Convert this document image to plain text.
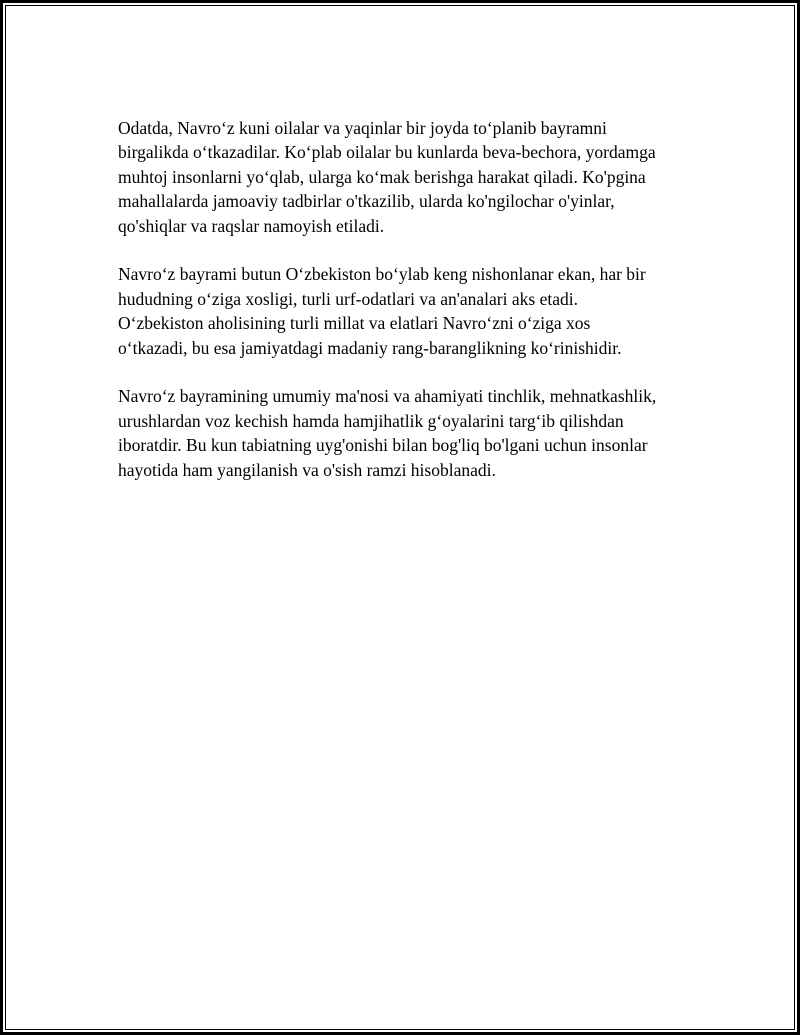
Odatda, Navro‘z kuni oilalar va yaqinlar bir joyda to‘planib bayramni
birgalikda o‘tkazadilar. Ko‘plab oilalar bu kunlarda beva-bechora, yordamga
muhtoj insonlarni yo‘qlab, ularga ko‘mak berishga harakat qiladi. Ko'pgina
mahallalarda jamoaviy tadbirlar o'tkazilib, ularda ko'ngilochar o'yinlar,
qo'shiqlar va raqslar namoyish etiladi.

Navro‘z bayrami butun O‘zbekiston bo‘ylab keng nishonlanar ekan, har bir
hududning o‘ziga xosligi, turli urf-odatlari va an'analari aks etadi.
O‘zbekiston aholisining turli millat va elatlari Navro‘zni o‘ziga xos
o‘tkazadi, bu esa jamiyatdagi madaniy rang-baranglikning ko‘rinishidir.

Navro‘z bayramining umumiy ma'nosi va ahamiyati tinchlik, mehnatkashlik,
urushlardan voz kechish hamda hamjihatlik g‘oyalarini targ‘ib qilishdan
iboratdir. Bu kun tabiatning uyg'onishi bilan bog'liq bo'lgani uchun insonlar
hayotida ham yangilanish va o'sish ramzi hisoblanadi.
